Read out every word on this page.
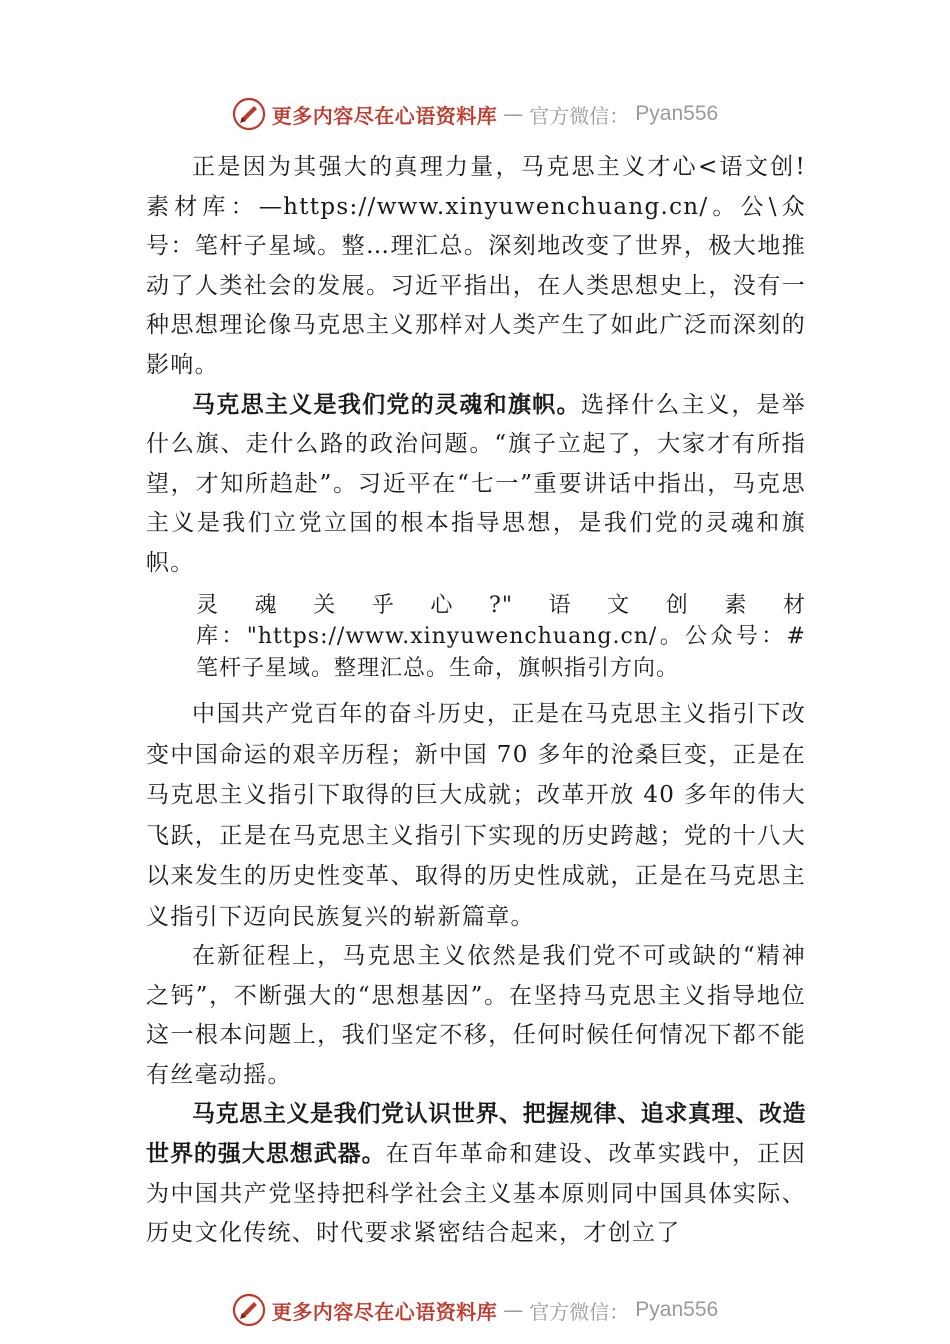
更多内容尽在心语资料库 — 官方微信： Pyan556

正是因为其强大的真理力量，马克思主义才心<语文创!素材库：—https://www.xinyuwenchuang.cn/。公\众号：笔杆子星域。整…理汇总。深刻地改变了世界，极大地推动了人类社会的发展。习近平指出，在人类思想史上，没有一种思想理论像马克思主义那样对人类产生了如此广泛而深刻的影响。

马克思主义是我们党的灵魂和旗帜。选择什么主义，是举什么旗、走什么路的政治问题。“旗子立起了，大家才有所指望，才知所趋赴”。习近平在“七一”重要讲话中指出，马克思主义是我们立党立国的根本指导思想，是我们党的灵魂和旗帜。

灵魂关乎心?"语文创素材库："https://www.xinyuwenchuang.cn/。公众号：#笔杆子星域。整理汇总。生命，旗帜指引方向。

中国共产党百年的奋斗历史，正是在马克思主义指引下改变中国命运的艰辛历程；新中国 70 多年的沧桑巨变，正是在马克思主义指引下取得的巨大成就；改革开放 40 多年的伟大飞跃，正是在马克思主义指引下实现的历史跨越；党的十八大以来发生的历史性变革、取得的历史性成就，正是在马克思主义指引下迈向民族复兴的崭新篇章。

在新征程上，马克思主义依然是我们党不可或缺的“精神之钙”，不断强大的“思想基因”。在坚持马克思主义指导地位这一根本问题上，我们坚定不移，任何时候任何情况下都不能有丝毫动摇。

马克思主义是我们党认识世界、把握规律、追求真理、改造世界的强大思想武器。在百年革命和建设、改革实践中，正因为中国共产党坚持把科学社会主义基本原则同中国具体实际、历史文化传统、时代要求紧密结合起来，才创立了

更多内容尽在心语资料库 — 官方微信： Pyan556
